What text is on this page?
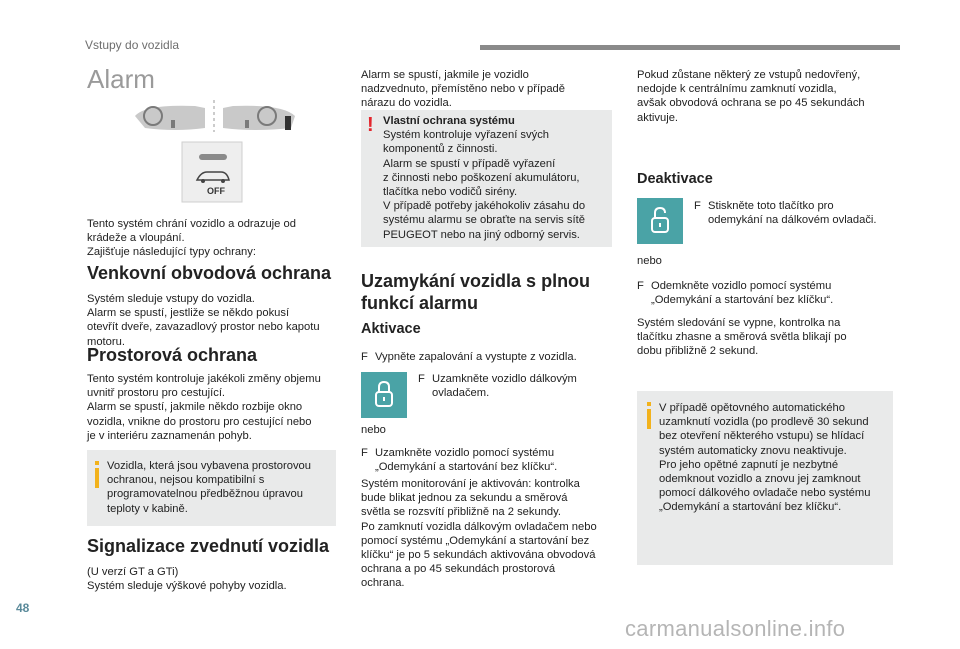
Vstupy do vozidla
Alarm
OFF
Tento systém chrání vozidlo a odrazuje od
krádeže a vloupání.
Zajišťuje následující typy ochrany:
Venkovní obvodová ochrana
Systém sleduje vstupy do vozidla.
Alarm se spustí, jestliže se někdo pokusí
otevřít dveře, zavazadlový prostor nebo kapotu
motoru.
Prostorová ochrana
Tento systém kontroluje jakékoli změny objemu
uvnitř prostoru pro cestující.
Alarm se spustí, jakmile někdo rozbije okno
vozidla, vnikne do prostoru pro cestující nebo
je v interiéru zaznamenán pohyb.
Vozidla, která jsou vybavena prostorovou
ochranou, nejsou kompatibilní s
programovatelnou předběžnou úpravou
teploty v kabině.
Signalizace zvednutí vozidla
(U verzí GT a GTi)
Systém sleduje výškové pohyby vozidla.
Alarm se spustí, jakmile je vozidlo
nadzvednuto, přemístěno nebo v případě
nárazu do vozidla.
! Vlastní ochrana systému
Systém kontroluje vyřazení svých
komponentů z činnosti.
Alarm se spustí v případě vyřazení
z činnosti nebo poškození akumulátoru,
tlačítka nebo vodičů sirény.
V případě potřeby jakéhokoliv zásahu do
systému alarmu se obraťte na servis sítě
PEUGEOT nebo na jiný odborný servis.
Uzamykání vozidla s plnou
funkcí alarmu
Aktivace
F Vypněte zapalování a vystupte z vozidla.
F Uzamkněte vozidlo dálkovým
ovladačem.
nebo
F Uzamkněte vozidlo pomocí systému
„Odemykání a startování bez klíčku“.
Systém monitorování je aktivován: kontrolka
bude blikat jednou za sekundu a směrová
světla se rozsvítí přibližně na 2 sekundy.
Po zamknutí vozidla dálkovým ovladačem nebo
pomocí systému „Odemykání a startování bez
klíčku“ je po 5 sekundách aktivována obvodová
ochrana a po 45 sekundách prostorová
ochrana.
Pokud zůstane některý ze vstupů nedovřený,
nedojde k centrálnímu zamknutí vozidla,
avšak obvodová ochrana se po 45 sekundách
aktivuje.
Deaktivace
F Stiskněte toto tlačítko pro
odemykání na dálkovém ovladači.
nebo
F Odemkněte vozidlo pomocí systému
„Odemykání a startování bez klíčku“.
Systém sledování se vypne, kontrolka na
tlačítku zhasne a směrová světla blikají po
dobu přibližně 2 sekund.
V případě opětovného automatického
uzamknutí vozidla (po prodlevě 30 sekund
bez otevření některého vstupu) se hlídací
systém automaticky znovu neaktivuje.
Pro jeho opětné zapnutí je nezbytné
odemknout vozidlo a znovu jej zamknout
pomocí dálkového ovladače nebo systému
„Odemykání a startování bez klíčku“.
48
carmanualsonline.info
